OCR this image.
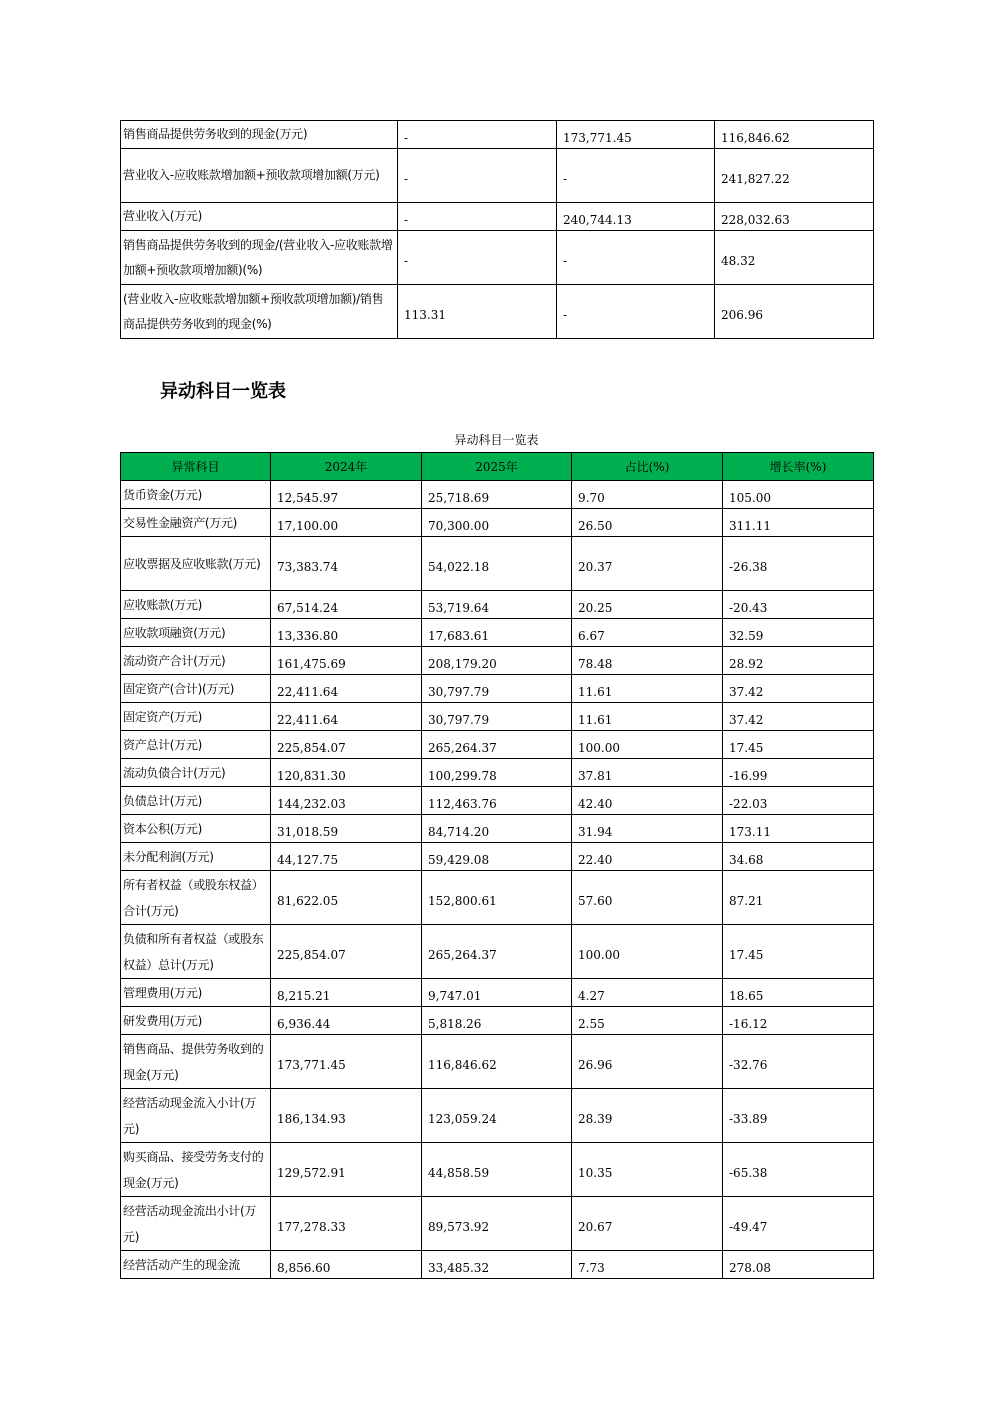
销售商品提供劳务收到的现金(万元)	-	173,771.45	116,846.62
营业收入-应收账款增加额+预收款项增加额(万元)	-	-	241,827.22
营业收入(万元)	-	240,744.13	228,032.63
销售商品提供劳务收到的现金/(营业收入-应收账款增加额+预收款项增加额)(%)	-	-	48.32
(营业收入-应收账款增加额+预收款项增加额)/销售商品提供劳务收到的现金(%)	113.31	-	206.96
异动科目一览表
异动科目一览表
异常科目	2024年	2025年	占比(%)	增长率(%)
货币资金(万元)	12,545.97	25,718.69	9.70	105.00
交易性金融资产(万元)	17,100.00	70,300.00	26.50	311.11
应收票据及应收账款(万元)	73,383.74	54,022.18	20.37	-26.38
应收账款(万元)	67,514.24	53,719.64	20.25	-20.43
应收款项融资(万元)	13,336.80	17,683.61	6.67	32.59
流动资产合计(万元)	161,475.69	208,179.20	78.48	28.92
固定资产(合计)(万元)	22,411.64	30,797.79	11.61	37.42
固定资产(万元)	22,411.64	30,797.79	11.61	37.42
资产总计(万元)	225,854.07	265,264.37	100.00	17.45
流动负债合计(万元)	120,831.30	100,299.78	37.81	-16.99
负债总计(万元)	144,232.03	112,463.76	42.40	-22.03
资本公积(万元)	31,018.59	84,714.20	31.94	173.11
未分配利润(万元)	44,127.75	59,429.08	22.40	34.68
所有者权益（或股东权益）合计(万元)	81,622.05	152,800.61	57.60	87.21
负债和所有者权益（或股东权益）总计(万元)	225,854.07	265,264.37	100.00	17.45
管理费用(万元)	8,215.21	9,747.01	4.27	18.65
研发费用(万元)	6,936.44	5,818.26	2.55	-16.12
销售商品、提供劳务收到的现金(万元)	173,771.45	116,846.62	26.96	-32.76
经营活动现金流入小计(万元)	186,134.93	123,059.24	28.39	-33.89
购买商品、接受劳务支付的现金(万元)	129,572.91	44,858.59	10.35	-65.38
经营活动现金流出小计(万元)	177,278.33	89,573.92	20.67	-49.47
经营活动产生的现金流	8,856.60	33,485.32	7.73	278.08
